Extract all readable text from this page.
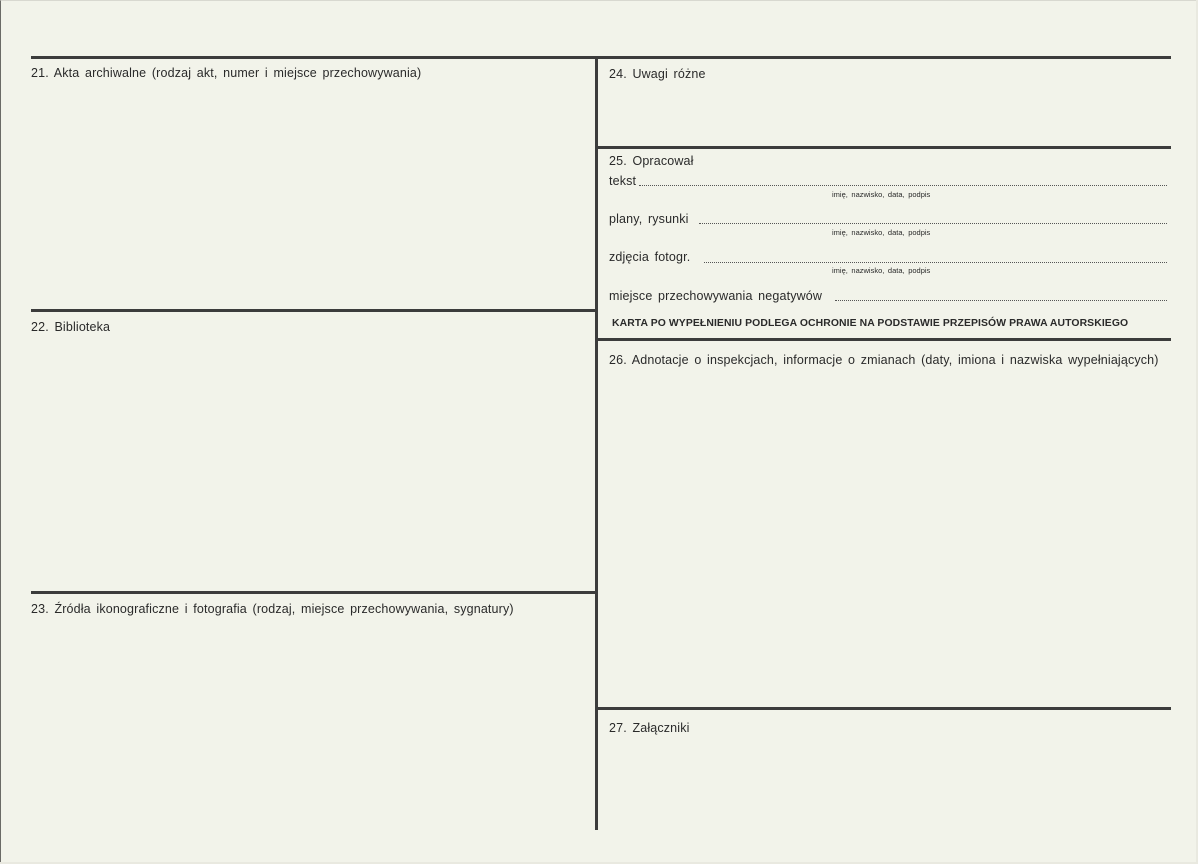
21. Akta archiwalne (rodzaj akt, numer i miejsce przechowywania)
22. Biblioteka
23. Źródła ikonograficzne i fotografia (rodzaj, miejsce przechowywania, sygnatury)
24. Uwagi różne
25. Opracował
tekst
imię, nazwisko, data, podpis
plany, rysunki
imię, nazwisko, data, podpis
zdjęcia fotogr.
imię, nazwisko, data, podpis
miejsce przechowywania negatywów
KARTA PO WYPEŁNIENIU PODLEGA OCHRONIE NA PODSTAWIE PRZEPISÓW PRAWA AUTORSKIEGO
26. Adnotacje o inspekcjach, informacje o zmianach (daty, imiona i nazwiska wypełniających)
27. Załączniki
